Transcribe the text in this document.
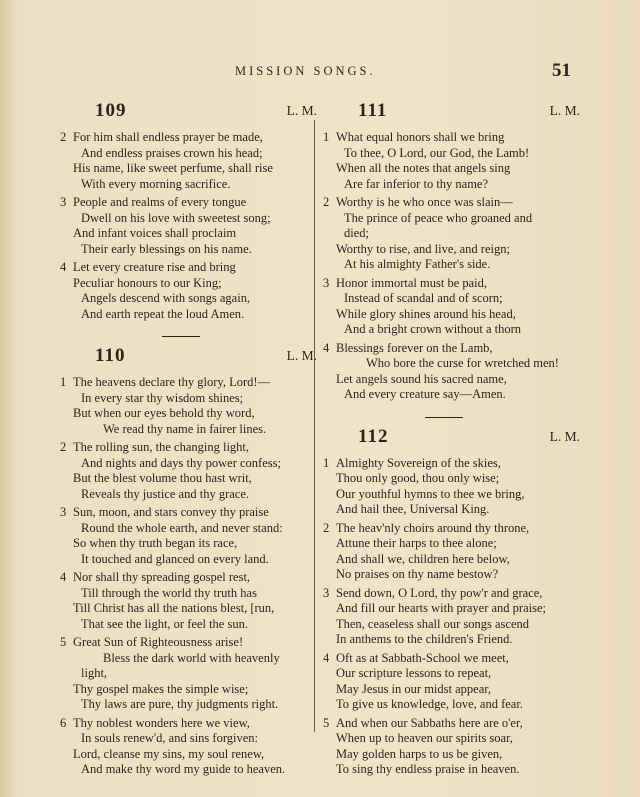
MISSION SONGS.	51
109	L. M.
2 For him shall endless prayer be made,
And endless praises crown his head;
His name, like sweet perfume, shall rise
With every morning sacrifice.
3 People and realms of every tongue
Dwell on his love with sweetest song;
And infant voices shall proclaim
Their early blessings on his name.
4 Let every creature rise and bring
Peculiar honours to our King;
Angels descend with songs again,
And earth repeat the loud Amen.
110	L. M.
1 The heavens declare thy glory, Lord!—
In every star thy wisdom shines;
But when our eyes behold thy word,
We read thy name in fairer lines.
2 The rolling sun, the changing light,
And nights and days thy power confess;
But the blest volume thou hast writ,
Reveals thy justice and thy grace.
3 Sun, moon, and stars convey thy praise
Round the whole earth, and never stand:
So when thy truth began its race,
It touched and glanced on every land.
4 Nor shall thy spreading gospel rest,
Till through the world thy truth has
Till Christ has all the nations blest, [run,
That see the light, or feel the sun.
5 Great Sun of Righteousness arise!
Bless the dark world with heavenly
light,
Thy gospel makes the simple wise;
Thy laws are pure, thy judgments right.
6 Thy noblest wonders here we view,
In souls renew'd, and sins forgiven:
Lord, cleanse my sins, my soul renew,
And make thy word my guide to heaven.
111	L. M.
1 What equal honors shall we bring
To thee, O Lord, our God, the Lamb!
When all the notes that angels sing
Are far inferior to thy name?
2 Worthy is he who once was slain—
The prince of peace who groaned and
died;
Worthy to rise, and live, and reign;
At his almighty Father's side.
3 Honor immortal must be paid,
Instead of scandal and of scorn;
While glory shines around his head,
And a bright crown without a thorn
4 Blessings forever on the Lamb,
Who bore the curse for wretched men!
Let angels sound his sacred name,
And every creature say—Amen.
112	L. M.
1 Almighty Sovereign of the skies,
Thou only good, thou only wise;
Our youthful hymns to thee we bring,
And hail thee, Universal King.
2 The heav'nly choirs around thy throne,
Attune their harps to thee alone;
And shall we, children here below,
No praises on thy name bestow?
3 Send down, O Lord, thy pow'r and grace,
And fill our hearts with prayer and praise;
Then, ceaseless shall our songs ascend
In anthems to the children's Friend.
4 Oft as at Sabbath-School we meet,
Our scripture lessons to repeat,
May Jesus in our midst appear,
To give us knowledge, love, and fear.
5 And when our Sabbaths here are o'er,
When up to heaven our spirits soar,
May golden harps to us be given,
To sing thy endless praise in heaven.
